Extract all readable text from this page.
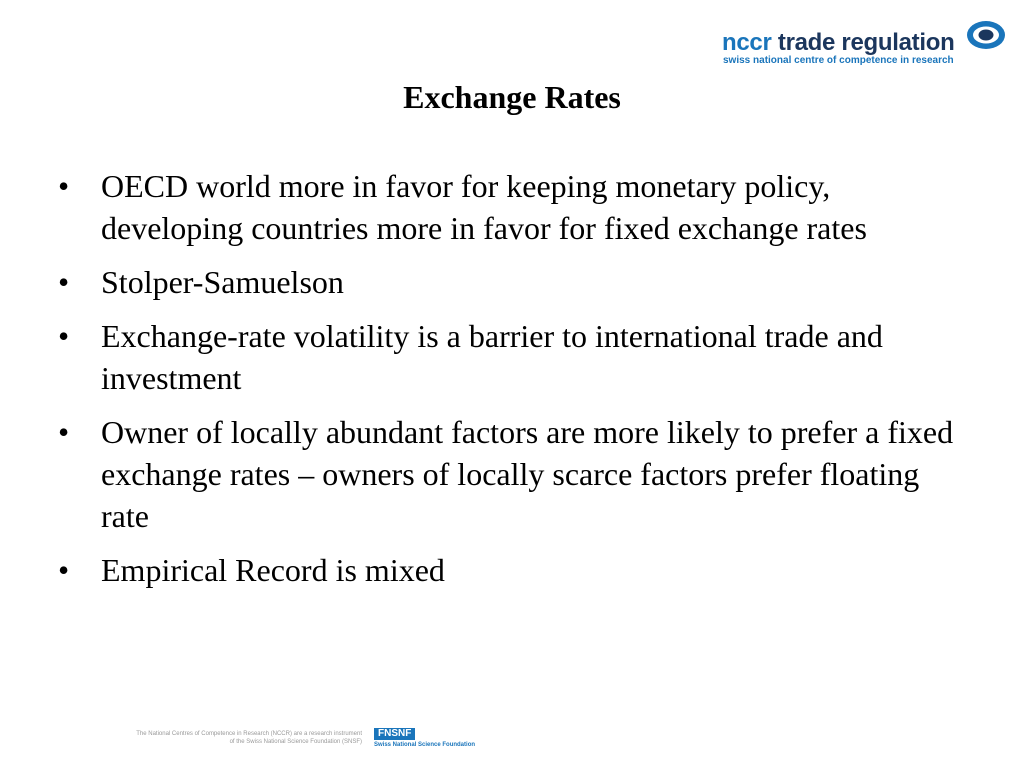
nccr trade regulation
swiss national centre of competence in research
Exchange Rates
• OECD world more in favor for keeping monetary policy, developing countries more in favor for fixed exchange rates
• Stolper-Samuelson
• Exchange-rate volatility is a barrier to international trade and investment
• Owner of locally abundant factors are more likely to prefer a fixed exchange rates – owners of locally scarce factors prefer floating rate
• Empirical Record is mixed
The National Centres of Competence in Research (NCCR) are a research instrument
of the Swiss National Science Foundation (SNSF)
FNSNF
Swiss National Science Foundation
